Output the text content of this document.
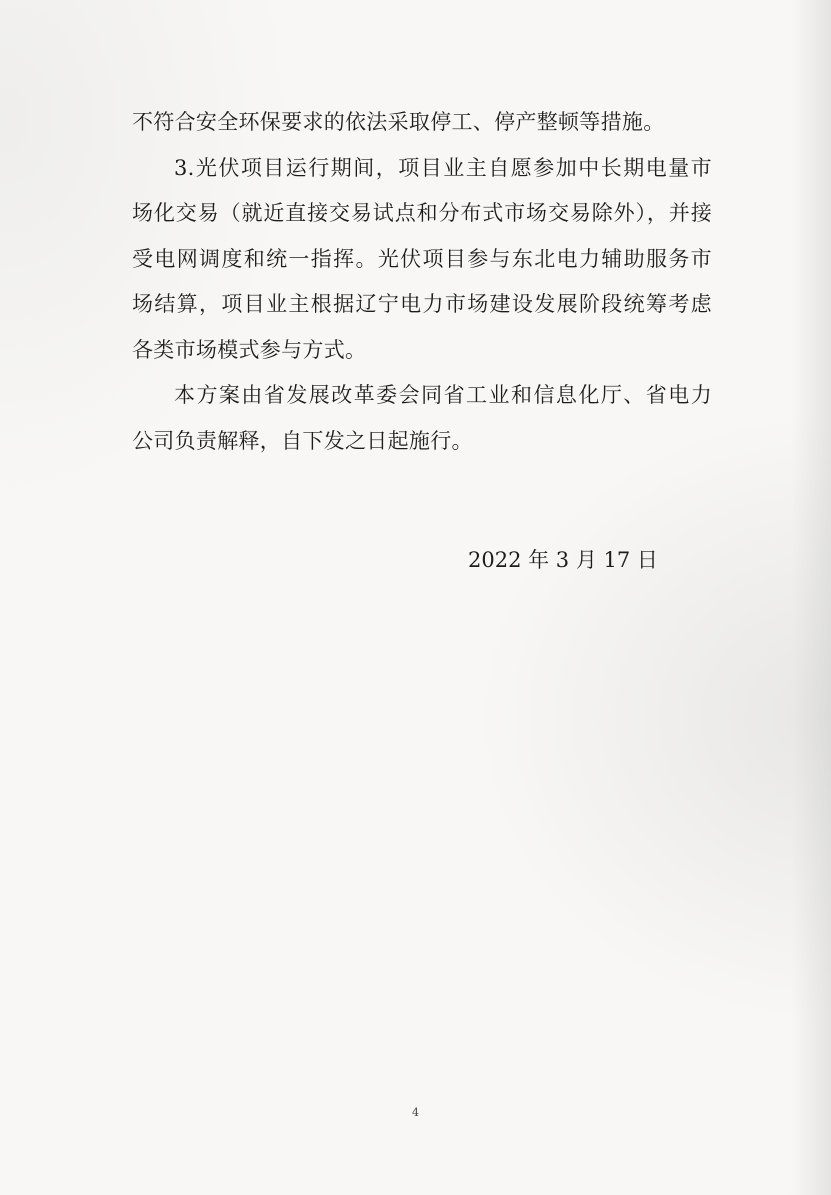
不符合安全环保要求的依法采取停工、停产整顿等措施。
3.光伏项目运行期间，项目业主自愿参加中长期电量市
场化交易（就近直接交易试点和分布式市场交易除外），并接
受电网调度和统一指挥。光伏项目参与东北电力辅助服务市
场结算，项目业主根据辽宁电力市场建设发展阶段统筹考虑
各类市场模式参与方式。
本方案由省发展改革委会同省工业和信息化厅、省电力
公司负责解释，自下发之日起施行。
2022 年 3 月 17 日
4
